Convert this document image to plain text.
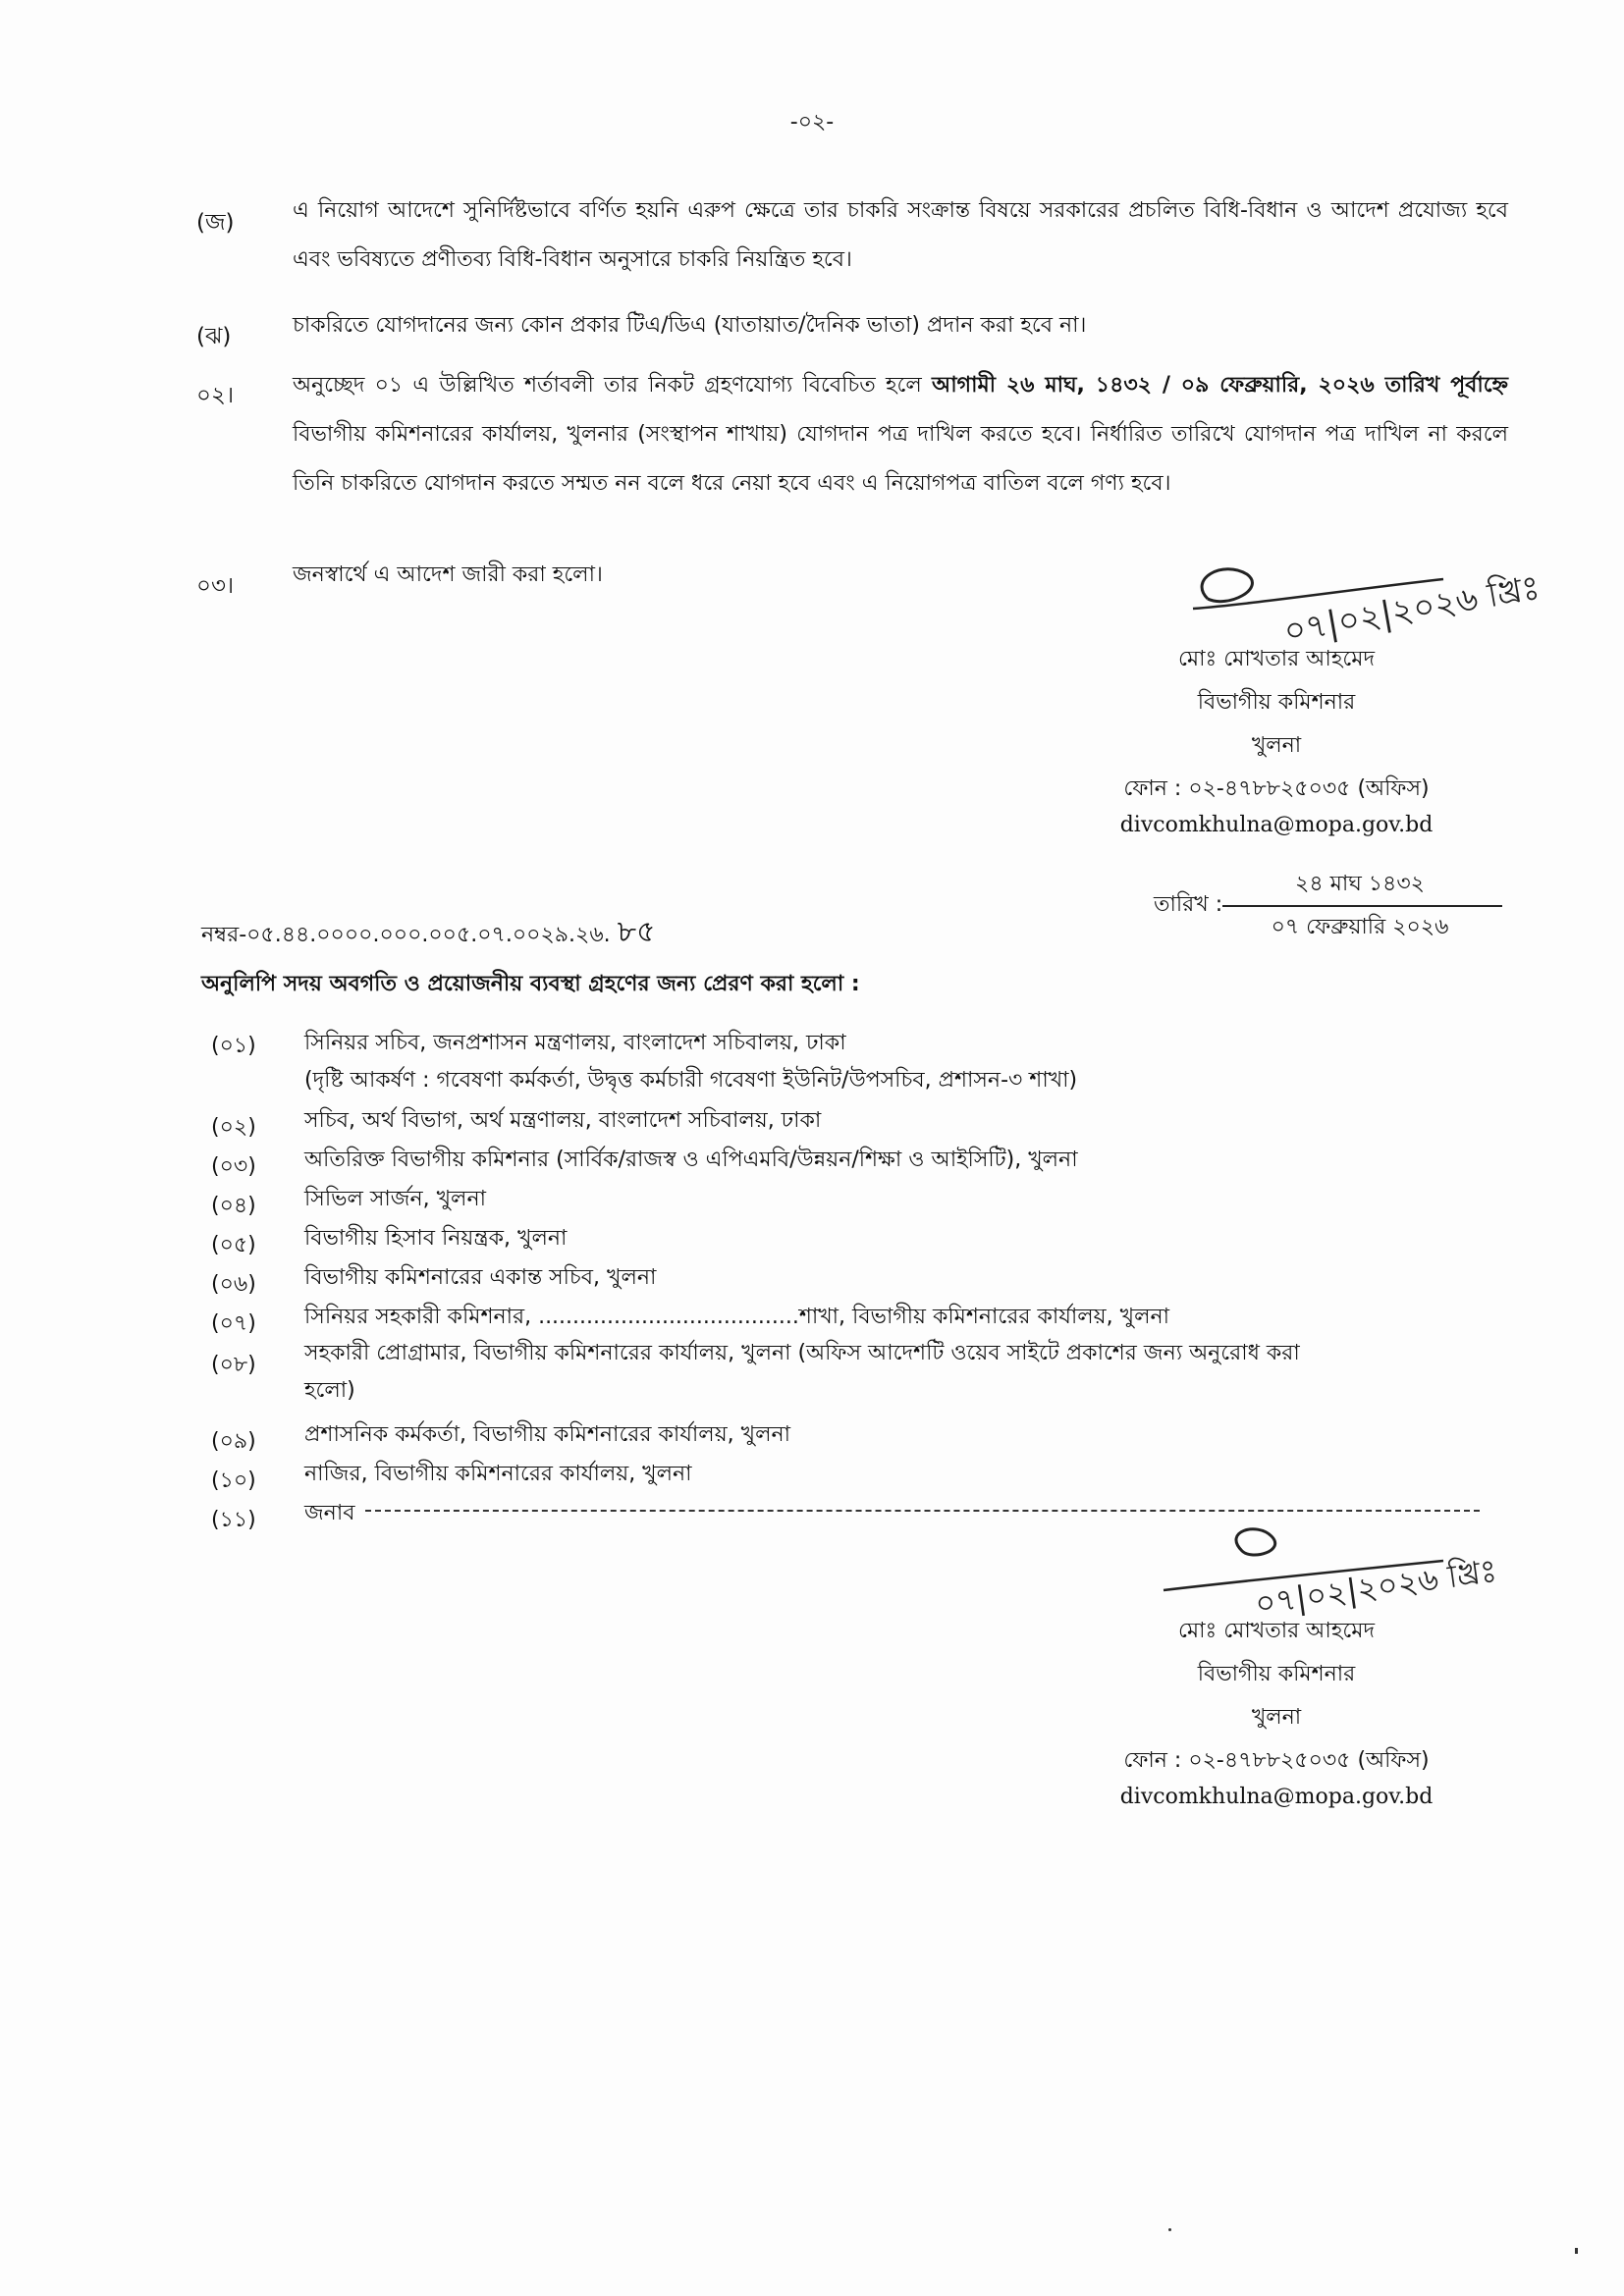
-০২-
(জ)	এ নিয়োগ আদেশে সুনির্দিষ্টভাবে বর্ণিত হয়নি এরুপ ক্ষেত্রে তার চাকরি সংক্রান্ত বিষয়ে সরকারের প্রচলিত বিধি-বিধান ও আদেশ প্রযোজ্য হবে এবং ভবিষ্যতে প্রণীতব্য বিধি-বিধান অনুসারে চাকরি নিয়ন্ত্রিত হবে।
(ঝ)	চাকরিতে যোগদানের জন্য কোন প্রকার টিএ/ডিএ (যাতায়াত/দৈনিক ভাতা) প্রদান করা হবে না।
০২।	অনুচ্ছেদ ০১ এ উল্লিখিত শর্তাবলী তার নিকট গ্রহণযোগ্য বিবেচিত হলে আগামী ২৬ মাঘ, ১৪৩২ / ০৯ ফেব্রুয়ারি, ২০২৬ তারিখ পূর্বাহ্নে বিভাগীয় কমিশনারের কার্যালয়, খুলনার (সংস্থাপন শাখায়) যোগদান পত্র দাখিল করতে হবে। নির্ধারিত তারিখে যোগদান পত্র দাখিল না করলে তিনি চাকরিতে যোগদান করতে সম্মত নন বলে ধরে নেয়া হবে এবং এ নিয়োগপত্র বাতিল বলে গণ্য হবে।
০৩।	জনস্বার্থে এ আদেশ জারী করা হলো।	০৭|০২|২০২৬ খ্রিঃ
মোঃ মোখতার আহমেদ
বিভাগীয় কমিশনার
খুলনা
ফোন : ০২-৪৭৮৮২৫০৩৫ (অফিস)
divcomkhulna@mopa.gov.bd
নম্বর-০৫.৪৪.০০০০.০০০.০০৫.০৭.০০২৯.২৬. ৮৫
তারিখ :
২৪ মাঘ ১৪৩২
০৭ ফেব্রুয়ারি ২০২৬
অনুলিপি সদয় অবগতি ও প্রয়োজনীয় ব্যবস্থা গ্রহণের জন্য প্রেরণ করা হলো :
(০১) সিনিয়র সচিব, জনপ্রশাসন মন্ত্রণালয়, বাংলাদেশ সচিবালয়, ঢাকা
(দৃষ্টি আকর্ষণ : গবেষণা কর্মকর্তা, উদ্বৃত্ত কর্মচারী গবেষণা ইউনিট/উপসচিব, প্রশাসন-৩ শাখা)
(০২) সচিব, অর্থ বিভাগ, অর্থ মন্ত্রণালয়, বাংলাদেশ সচিবালয়, ঢাকা
(০৩) অতিরিক্ত বিভাগীয় কমিশনার (সার্বিক/রাজস্ব ও এপিএমবি/উন্নয়ন/শিক্ষা ও আইসিটি), খুলনা
(০৪) সিভিল সার্জন, খুলনা
(০৫) বিভাগীয় হিসাব নিয়ন্ত্রক, খুলনা
(০৬) বিভাগীয় কমিশনারের একান্ত সচিব, খুলনা
(০৭) সিনিয়র সহকারী কমিশনার, ......................................শাখা, বিভাগীয় কমিশনারের কার্যালয়, খুলনা
(০৮) সহকারী প্রোগ্রামার, বিভাগীয় কমিশনারের কার্যালয়, খুলনা (অফিস আদেশটি ওয়েব সাইটে প্রকাশের জন্য অনুরোধ করা
হলো)
(০৯) প্রশাসনিক কর্মকর্তা, বিভাগীয় কমিশনারের কার্যালয়, খুলনা
(১০) নাজির, বিভাগীয় কমিশনারের কার্যালয়, খুলনা
(১১) জনাব
০৭|০২|২০২৬ খ্রিঃ
মোঃ মোখতার আহমেদ
বিভাগীয় কমিশনার
খুলনা
ফোন : ০২-৪৭৮৮২৫০৩৫ (অফিস)
divcomkhulna@mopa.gov.bd
